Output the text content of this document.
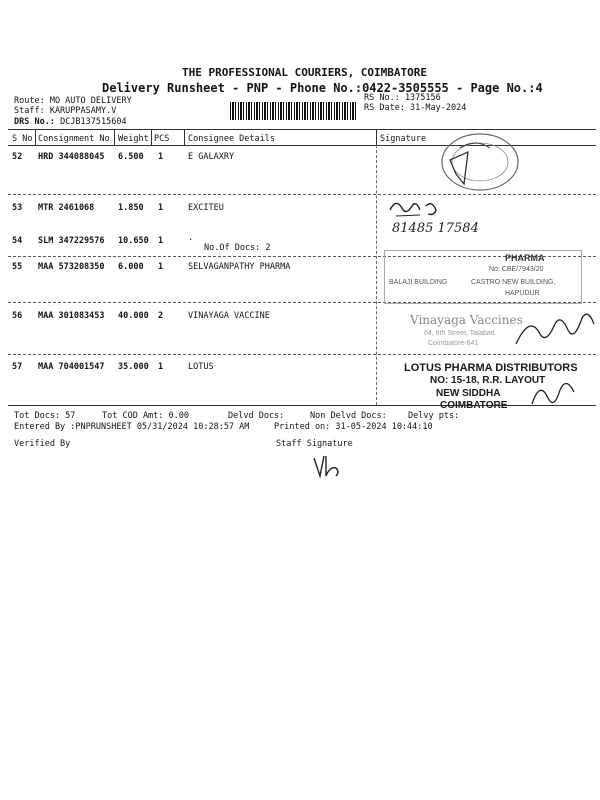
THE PROFESSIONAL COURIERS, COIMBATORE
Delivery Runsheet - PNP - Phone No.:0422-3505555 - Page No.:4
Route: MO AUTO DELIVERY
Staff: KARUPPASAMY.V
DRS No.: DCJB137515604
RS No.: 1375156
RS Date: 31-May-2024
S No Consignment No Weight PCS Consignee Details	Signature
52 HRD 344088045 6.500 1	E GALAXRY
53 MTR 2461068	1.850 1	EXCITEU
54 SLM 347229576 10.650 1	.
No.Of Docs: 2
55 MAA 573208350 6.000 1	SELVAGANPATHY PHARMA
56 MAA 301083453 40.000 2	VINAYAGA VACCINE
57 MAA 704001547 35.000 1	LOTUS
81485 17584
PHARMA
No: CBE/7943/20
BALAJI BUILDING	CASTRO NEW BUILDING,
HAPUDUR
Vinayaga Vaccines
64, 8th Street, Tatabad
Coimbatore-641
LOTUS PHARMA DISTRIBUTORS
NO: 15-18, R.R. LAYOUT
NEW SIDDHA
COIMBATORE
Tot Docs: 57	Tot COD Amt: 0.00	Delvd Docs:	Non Delvd Docs: Delvy pts:
Entered By :PNPRUNSHEET 05/31/2024 10:28:57 AM	Printed on: 31-05-2024 10:44:10
Verified By	Staff Signature
